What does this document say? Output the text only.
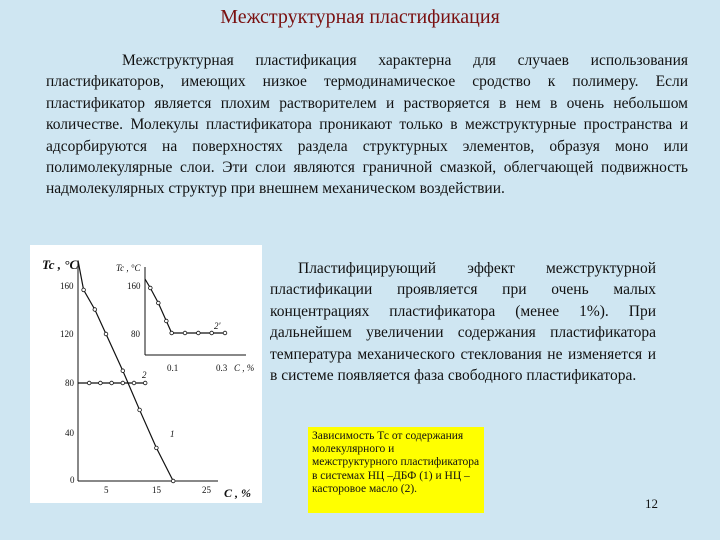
Межструктурная пластификация

Межструктурная пластификация характерна для случаев использования пластификаторов, имеющих низкое термодинамическое сродство к полимеру. Если пластификатор является плохим растворителем и растворяется в нем в очень небольшом количестве. Молекулы пластификатора проникают только в межструктурные пространства и адсорбируются на поверхностях раздела структурных элементов, образуя моно или полимолекулярные слои. Эти слои являются граничной смазкой, облегчающей подвижность надмолекулярных структур при внешнем механическом воздействии.

Tc , °C
C , %
160
120
80
40
0
5	15	25
Tc , °C
C , %
160
80
0.1	0.3
1
2
2'

Пластифицирующий эффект межструктурной пластификации проявляется при очень малых концентрациях пластификатора (менее 1%). При дальнейшем увеличении содержания пластификатора температура механического стеклования не изменяется и в системе появляется фаза свободного пластификатора.

Зависимость Тс от содержания молекулярного и межструктурного пластификатора в системах НЦ –ДБФ (1) и НЦ – касторовое масло (2).
12
